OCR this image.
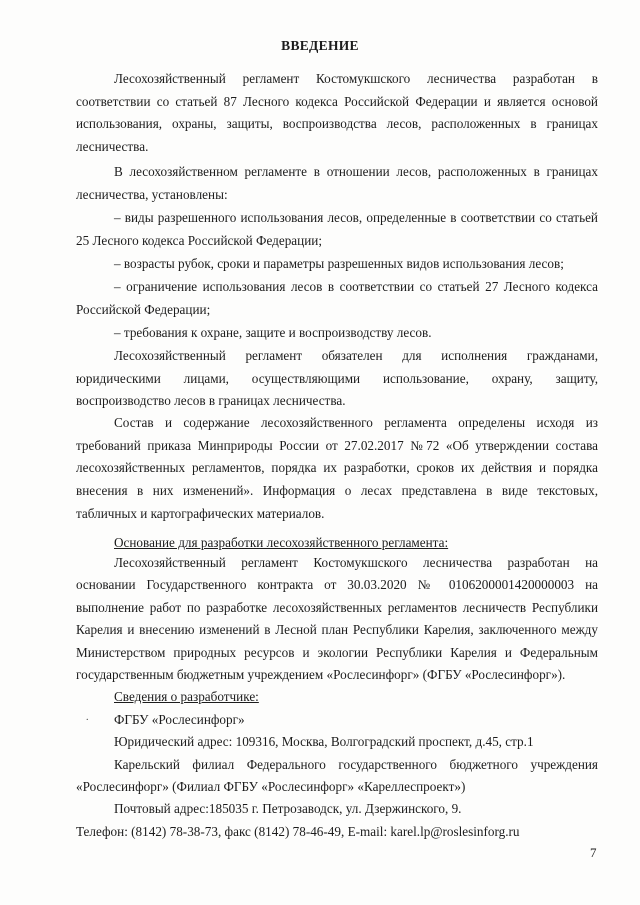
ВВЕДЕНИЕ

Лесохозяйственный регламент Костомукшского лесничества разработан в соответствии со статьей 87 Лесного кодекса Российской Федерации и является основой использования, охраны, защиты, воспроизводства лесов, расположенных в границах лесничества.

В лесохозяйственном регламенте в отношении лесов, расположенных в границах лесничества, установлены:

– виды разрешенного использования лесов, определенные в соответствии со статьей 25 Лесного кодекса Российской Федерации;

– возрасты рубок, сроки и параметры разрешенных видов использования лесов;

– ограничение использования лесов в соответствии со статьей 27 Лесного кодекса Российской Федерации;

– требования к охране, защите и воспроизводству лесов.

Лесохозяйственный регламент обязателен для исполнения гражданами, юридическими лицами, осуществляющими использование, охрану, защиту, воспроизводство лесов в границах лесничества.

Состав и содержание лесохозяйственного регламента определены исходя из требований приказа Минприроды России от 27.02.2017 №72 «Об утверждении состава лесохозяйственных регламентов, порядка их разработки, сроков их действия и порядка внесения в них изменений». Информация о лесах представлена в виде текстовых, табличных и картографических материалов.

Основание для разработки лесохозяйственного регламента:

Лесохозяйственный регламент Костомукшского лесничества разработан на основании Государственного контракта от 30.03.2020 № 0106200001420000003 на выполнение работ по разработке лесохозяйственных регламентов лесничеств Республики Карелия и внесению изменений в Лесной план Республики Карелия, заключенного между Министерством природных ресурсов и экологии Республики Карелия и Федеральным государственным бюджетным учреждением «Рослесинфорг» (ФГБУ «Рослесинфорг»).

Сведения о разработчике:
ФГБУ «Рослесинфорг»
Юридический адрес: 109316, Москва, Волгоградский проспект, д.45, стр.1

Карельский филиал Федерального государственного бюджетного учреждения «Рослесинфорг» (Филиал ФГБУ «Рослесинфорг» «Кареллеспроект»)

Почтовый адрес:185035 г. Петрозаводск, ул. Дзержинского, 9.
Телефон: (8142) 78-38-73, факс (8142) 78-46-49, E-mail: karel.lp@roslesinforg.ru
7
.
